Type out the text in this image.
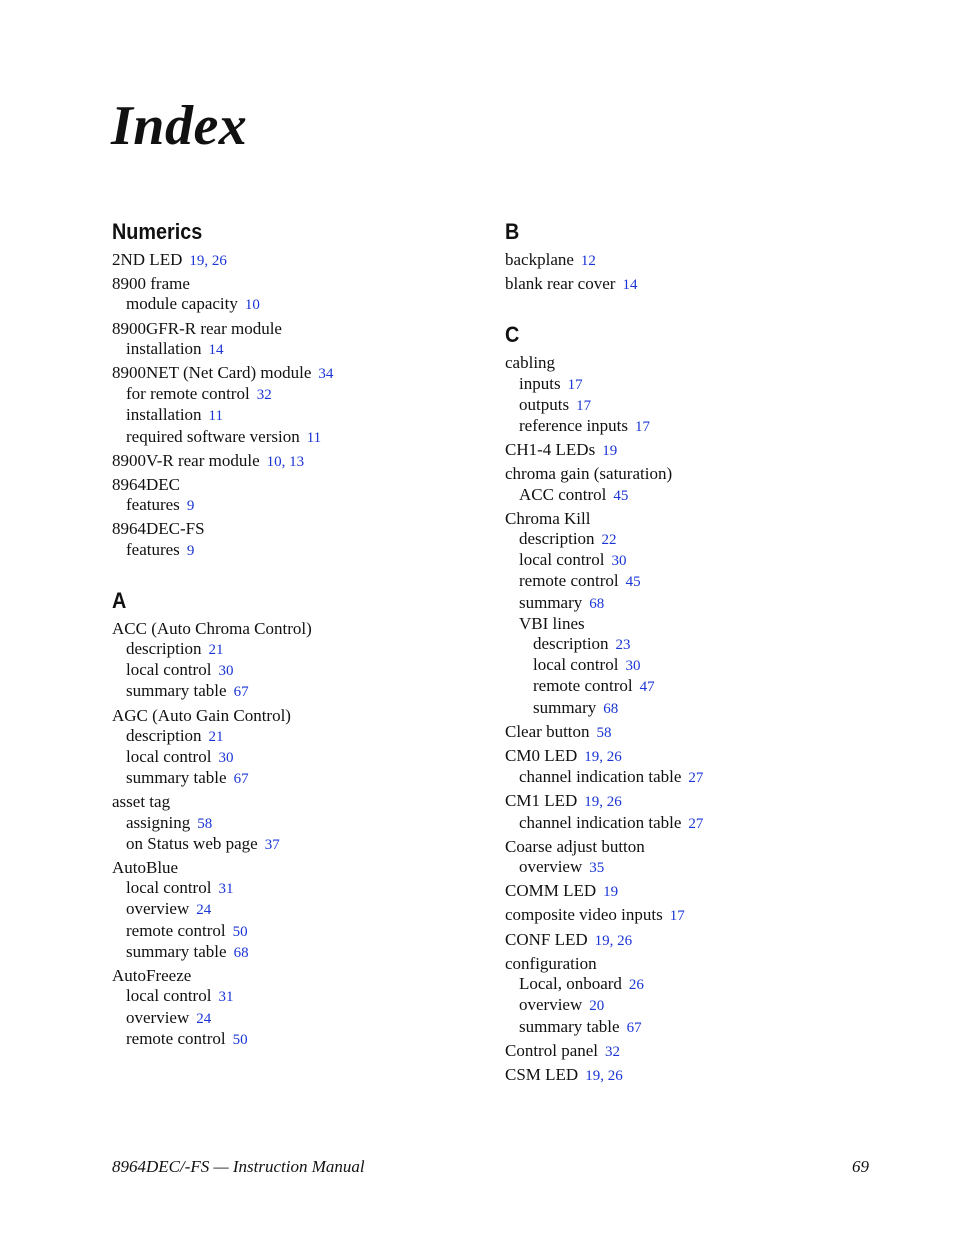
Index
Numerics
2ND LED 19, 26
8900 frame
module capacity 10
8900GFR-R rear module
installation 14
8900NET (Net Card) module 34
for remote control 32
installation 11
required software version 11
8900V-R rear module 10, 13
8964DEC
features 9
8964DEC-FS
features 9
A
ACC (Auto Chroma Control)
description 21
local control 30
summary table 67
AGC (Auto Gain Control)
description 21
local control 30
summary table 67
asset tag
assigning 58
on Status web page 37
AutoBlue
local control 31
overview 24
remote control 50
summary table 68
AutoFreeze
local control 31
overview 24
remote control 50
B
backplane 12
blank rear cover 14
C
cabling
inputs 17
outputs 17
reference inputs 17
CH1-4 LEDs 19
chroma gain (saturation)
ACC control 45
Chroma Kill
description 22
local control 30
remote control 45
summary 68
VBI lines
description 23
local control 30
remote control 47
summary 68
Clear button 58
CM0 LED 19, 26
channel indication table 27
CM1 LED 19, 26
channel indication table 27
Coarse adjust button
overview 35
COMM LED 19
composite video inputs 17
CONF LED 19, 26
configuration
Local, onboard 26
overview 20
summary table 67
Control panel 32
CSM LED 19, 26
8964DEC/-FS — Instruction Manual	69
